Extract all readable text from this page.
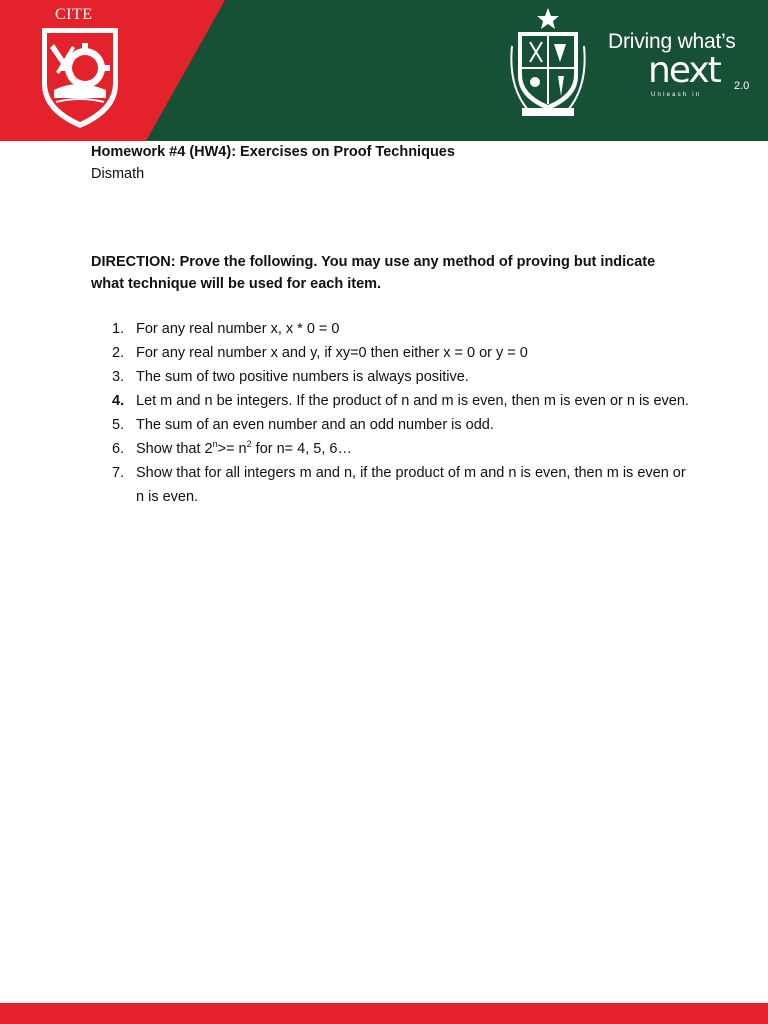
CITE
Driving what’s
next 2.0
Unleash in

Homework #4 (HW4): Exercises on Proof Techniques

Dismath

DIRECTION: Prove the following. You may use any method of proving but indicate what technique will be used for each item.

1. For any real number x, x * 0 = 0
2. For any real number x and y, if xy=0 then either x = 0 or y = 0
3. The sum of two positive numbers is always positive.
4. Let m and n be integers. If the product of n and m is even, then m is even or n is even.
5. The sum of an even number and an odd number is odd.
6. Show that $2^n>= n^2$ for n= 4, 5, 6…
7. Show that for all integers m and n, if the product of m and n is even, then m is even or n is even.
